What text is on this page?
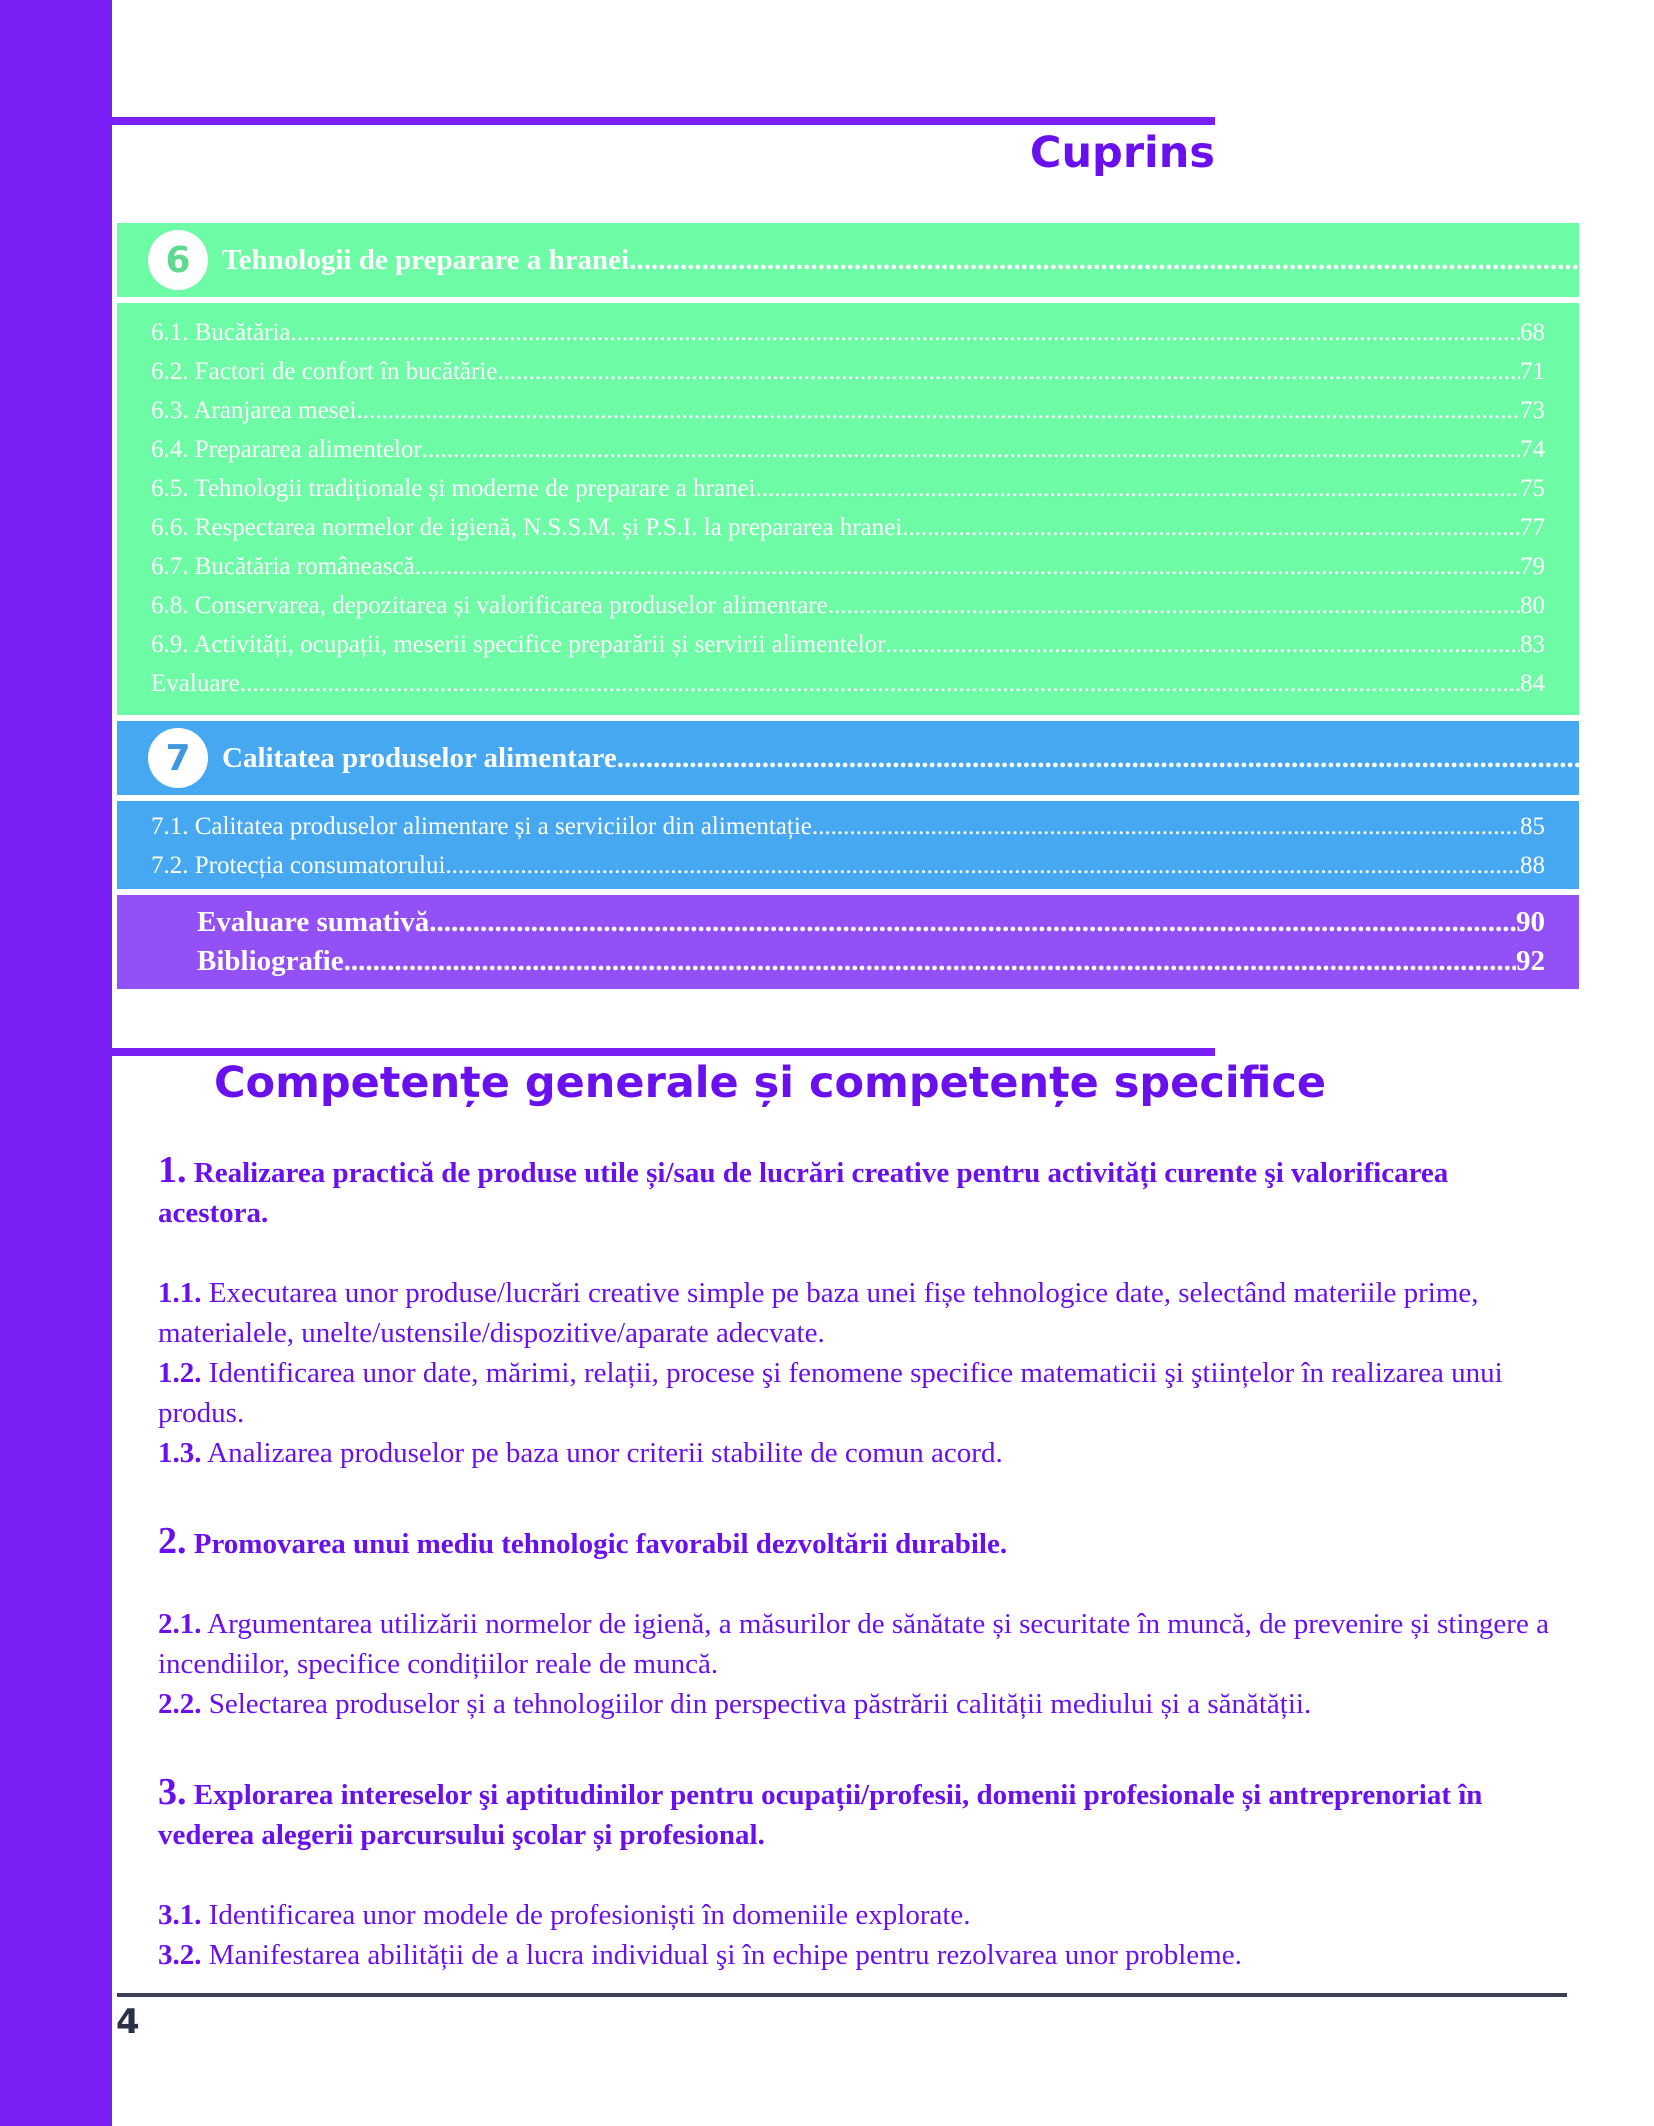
Cuprins
6	Tehnologii de preparare a hranei .....	68
6.1. Bucătăria .....	68
6.2. Factori de confort în bucătărie .....	71
6.3. Aranjarea mesei .....	73
6.4. Prepararea alimentelor .....	74
6.5. Tehnologii tradiționale și moderne de preparare a hranei .....	75
6.6. Respectarea normelor de igienă, N.S.S.M. și P.S.I. la prepararea hranei .....	77
6.7. Bucătăria românească .....	79
6.8. Conservarea, depozitarea și valorificarea produselor alimentare .....	80
6.9. Activități, ocupații, meserii specifice preparării și servirii alimentelor .....	83
Evaluare .....	84
7	Calitatea produselor alimentare .....	85
7.1. Calitatea produselor alimentare și a serviciilor din alimentație .....	85
7.2. Protecția consumatorului .....	88
Evaluare sumativă .....	90
Bibliografie .....	92
Competențe generale și competențe specifice
1. Realizarea practică de produse utile și/sau de lucrări creative pentru activități curente şi valorificarea acestora.
1.1. Executarea unor produse/lucrări creative simple pe baza unei fișe tehnologice date, selectând materiile prime, materialele, unelte/ustensile/dispozitive/aparate adecvate.
1.2. Identificarea unor date, mărimi, relații, procese şi fenomene specifice matematicii şi ştiințelor în realizarea unui produs.
1.3. Analizarea produselor pe baza unor criterii stabilite de comun acord.
2. Promovarea unui mediu tehnologic favorabil dezvoltării durabile.
2.1. Argumentarea utilizării normelor de igienă, a măsurilor de sănătate și securitate în muncă, de prevenire și stingere a incendiilor, specifice condițiilor reale de muncă.
2.2. Selectarea produselor și a tehnologiilor din perspectiva păstrării calității mediului și a sănătății.
3. Explorarea intereselor şi aptitudinilor pentru ocupații/profesii, domenii profesionale și antreprenoriat în vederea alegerii parcursului şcolar și profesional.
3.1. Identificarea unor modele de profesioniști în domeniile explorate.
3.2. Manifestarea abilității de a lucra individual şi în echipe pentru rezolvarea unor probleme.
4
